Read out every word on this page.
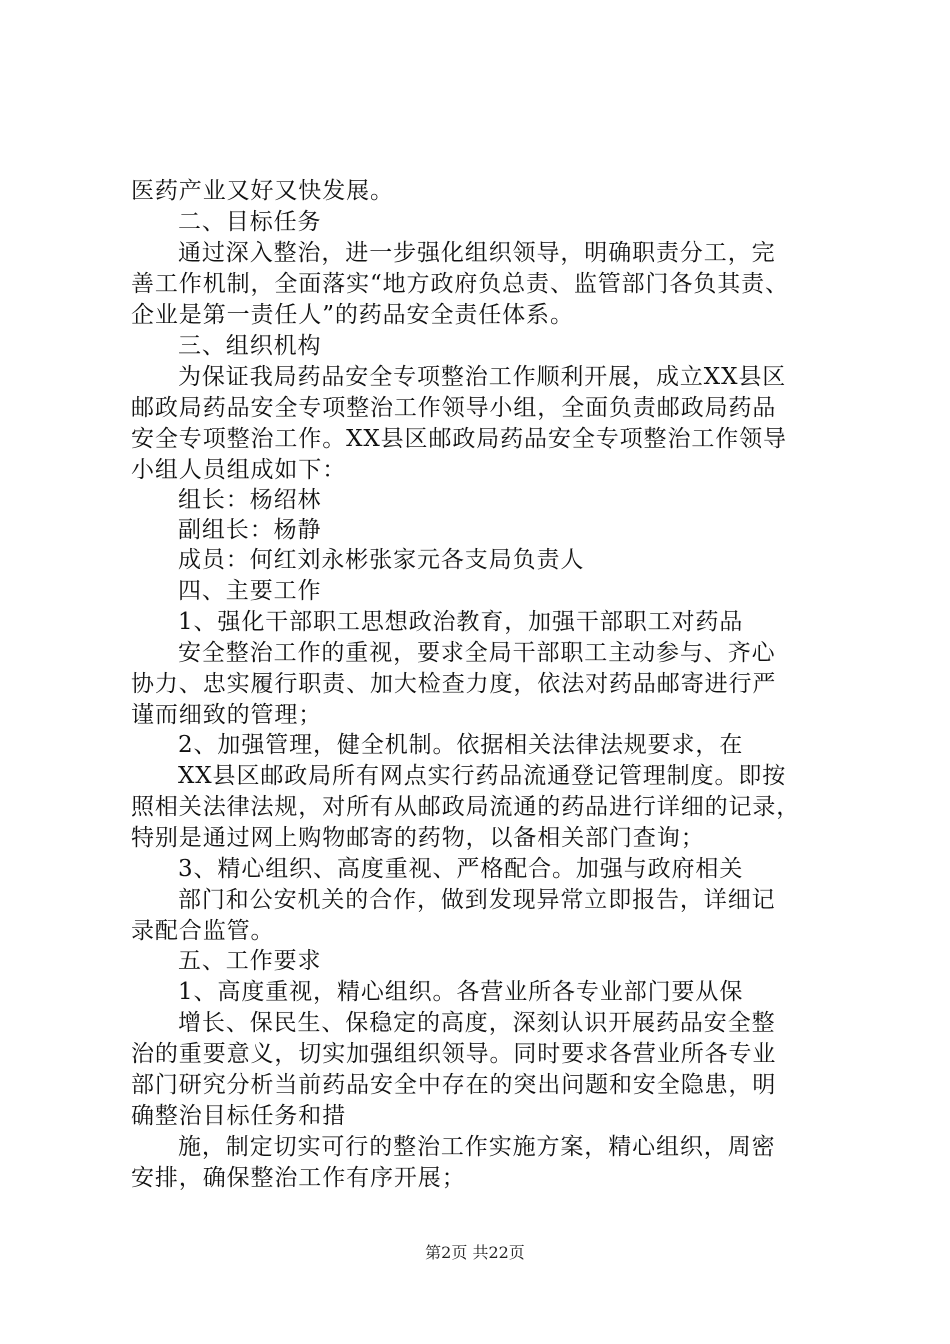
医药产业又好又快发展。
二、目标任务
通过深入整治，进一步强化组织领导，明确职责分工，完
善工作机制，全面落实“地方政府负总责、监管部门各负其责、
企业是第一责任人”的药品安全责任体系。
三、组织机构
为保证我局药品安全专项整治工作顺利开展，成立XX县区
邮政局药品安全专项整治工作领导小组，全面负责邮政局药品
安全专项整治工作。XX县区邮政局药品安全专项整治工作领导
小组人员组成如下：
组长：杨绍林
副组长：杨静
成员：何红刘永彬张家元各支局负责人
四、主要工作
1、强化干部职工思想政治教育，加强干部职工对药品
安全整治工作的重视，要求全局干部职工主动参与、齐心
协力、忠实履行职责、加大检查力度，依法对药品邮寄进行严
谨而细致的管理；
2、加强管理，健全机制。依据相关法律法规要求，在
XX县区邮政局所有网点实行药品流通登记管理制度。即按
照相关法律法规，对所有从邮政局流通的药品进行详细的记录，
特别是通过网上购物邮寄的药物，以备相关部门查询；
3、精心组织、高度重视、严格配合。加强与政府相关
部门和公安机关的合作，做到发现异常立即报告，详细记
录配合监管。
五、工作要求
1、高度重视，精心组织。各营业所各专业部门要从保
增长、保民生、保稳定的高度，深刻认识开展药品安全整
治的重要意义，切实加强组织领导。同时要求各营业所各专业
部门研究分析当前药品安全中存在的突出问题和安全隐患，明
确整治目标任务和措
施，制定切实可行的整治工作实施方案，精心组织，周密
安排，确保整治工作有序开展；
第2页 共22页
